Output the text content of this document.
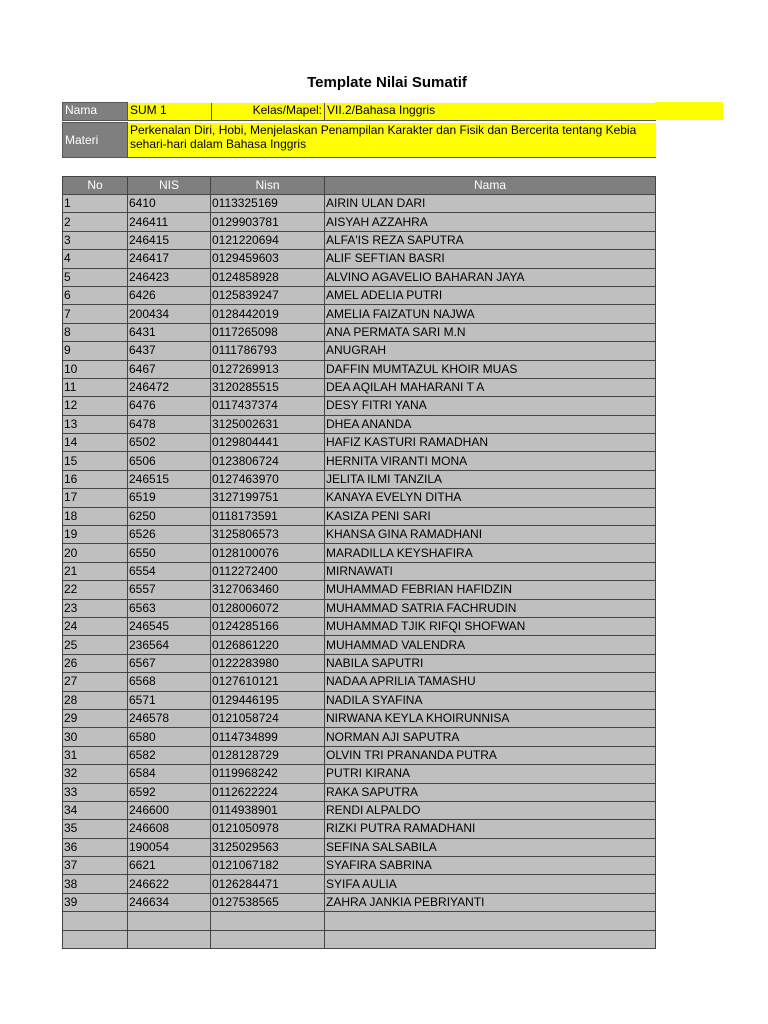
Template Nilai Sumatif
Nama	SUM 1	Kelas/Mapel:	VII.2/Bahasa Inggris
Materi	
Perkenalan Diri, Hobi, Menjelaskan Penampilan Karakter dan Fisik dan Bercerita tentang Kebia
sehari-hari dalam Bahasa Inggris
No	NIS	Nisn	Nama
1	6410	0113325169	AIRIN ULAN DARI
2	246411	0129903781	AISYAH AZZAHRA
3	246415	0121220694	ALFA'IS REZA SAPUTRA
4	246417	0129459603	ALIF SEFTIAN BASRI
5	246423	0124858928	ALVINO AGAVELIO BAHARAN JAYA
6	6426	0125839247	AMEL ADELIA PUTRI
7	200434	0128442019	AMELIA FAIZATUN NAJWA
8	6431	0117265098	ANA PERMATA SARI M.N
9	6437	0111786793	ANUGRAH
10	6467	0127269913	DAFFIN MUMTAZUL KHOIR MUAS
11	246472	3120285515	DEA AQILAH MAHARANI T A
12	6476	0117437374	DESY FITRI YANA
13	6478	3125002631	DHEA ANANDA
14	6502	0129804441	HAFIZ KASTURI RAMADHAN
15	6506	0123806724	HERNITA VIRANTI MONA
16	246515	0127463970	JELITA ILMI TANZILA
17	6519	3127199751	KANAYA EVELYN DITHA
18	6250	0118173591	KASIZA PENI SARI
19	6526	3125806573	KHANSA GINA RAMADHANI
20	6550	0128100076	MARADILLA KEYSHAFIRA
21	6554	0112272400	MIRNAWATI
22	6557	3127063460	MUHAMMAD FEBRIAN HAFIDZIN
23	6563	0128006072	MUHAMMAD SATRIA FACHRUDIN
24	246545	0124285166	MUHAMMAD TJIK RIFQI SHOFWAN
25	236564	0126861220	MUHAMMAD VALENDRA
26	6567	0122283980	NABILA SAPUTRI
27	6568	0127610121	NADAA APRILIA TAMASHU
28	6571	0129446195	NADILA SYAFINA
29	246578	0121058724	NIRWANA KEYLA KHOIRUNNISA
30	6580	0114734899	NORMAN AJI SAPUTRA
31	6582	0128128729	OLVIN TRI PRANANDA PUTRA
32	6584	0119968242	PUTRI KIRANA
33	6592	0112622224	RAKA SAPUTRA
34	246600	0114938901	RENDI ALPALDO
35	246608	0121050978	RIZKI PUTRA RAMADHANI
36	190054	3125029563	SEFINA SALSABILA
37	6621	0121067182	SYAFIRA SABRINA
38	246622	0126284471	SYIFA AULIA
39	246634	0127538565	ZAHRA JANKIA PEBRIYANTI
